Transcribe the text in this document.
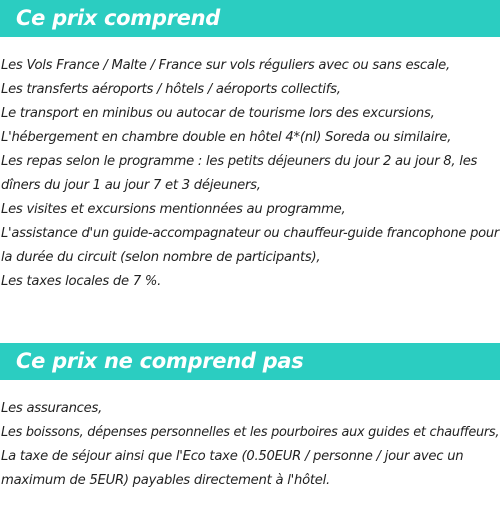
Ce prix comprend
Les Vols France / Malte / France sur vols réguliers avec ou sans escale,
Les transferts aéroports / hôtels / aéroports collectifs,
Le transport en minibus ou autocar de tourisme lors des excursions,
L'hébergement en chambre double en hôtel 4*(nl) Soreda ou similaire,
Les repas selon le programme : les petits déjeuners du jour 2 au jour 8, les
dîners du jour 1 au jour 7 et 3 déjeuners,
Les visites et excursions mentionnées au programme,
L'assistance d'un guide-accompagnateur ou chauffeur-guide francophone pour
la durée du circuit (selon nombre de participants),
Les taxes locales de 7 %.
Ce prix ne comprend pas
Les assurances,
Les boissons, dépenses personnelles et les pourboires aux guides et chauffeurs,
La taxe de séjour ainsi que l'Eco taxe (0.50EUR / personne / jour avec un
maximum de 5EUR) payables directement à l'hôtel.
